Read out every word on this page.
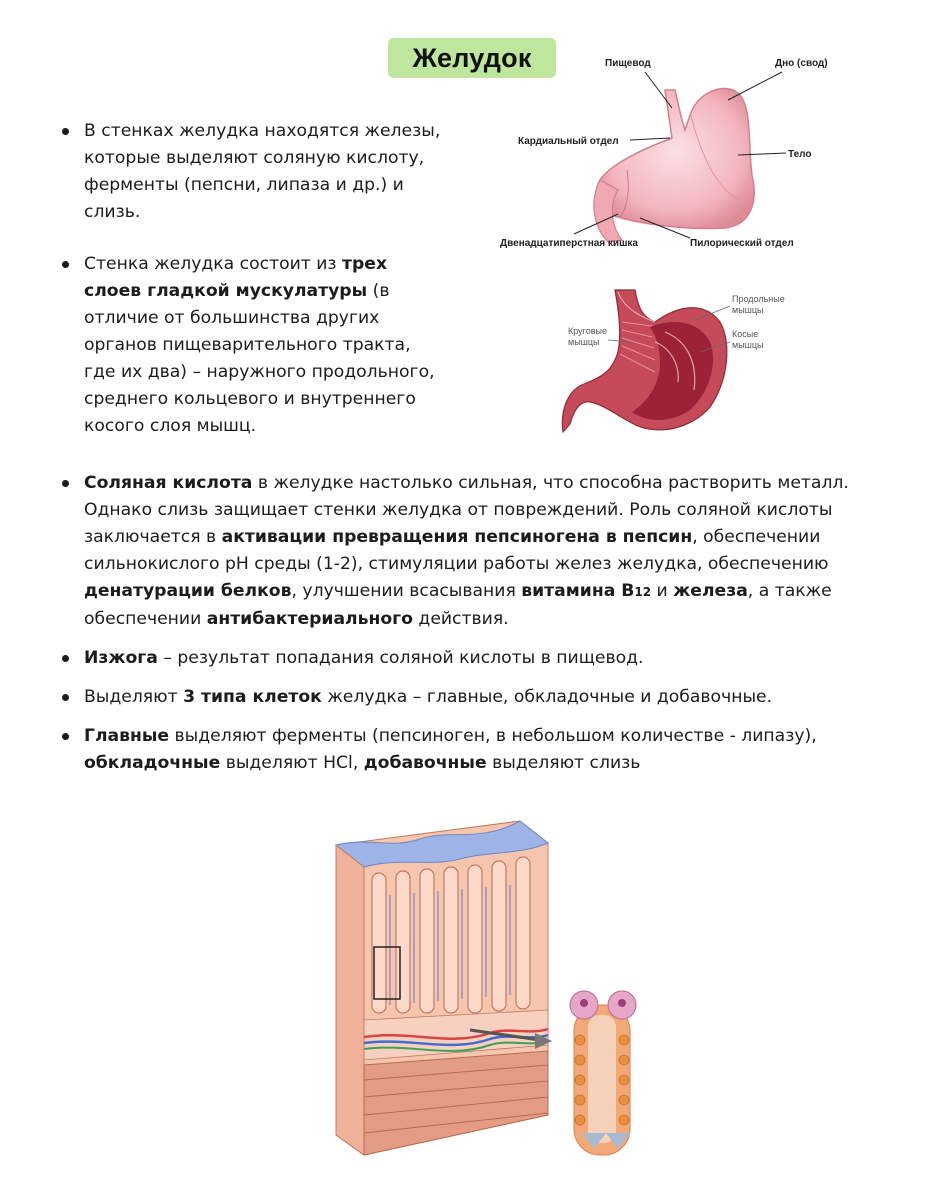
Желудок
В стенках желудка находятся железы, которые выделяют соляную кислоту, ферменты (пепсни, липаза и др.) и слизь.
Стенка желудка состоит из трех слоев гладкой мускулатуры (в отличие от большинства других органов пищеварительного тракта, где их два) – наружного продольного, среднего кольцевого и внутреннего косого слоя мышц.
Пищевод	Дно (свод)
Кардиальный отдел
Тело
Двенадцатиперстная кишка	Пилорический отдел
Продольные
мышцы
Круговые
мышцы
Косые
мышцы
Соляная кислота в желудке настолько сильная, что способна растворить металл. Однако слизь защищает стенки желудка от повреждений. Роль соляной кислоты заключается в активации превращения пепсиногена в пепсин, обеспечении сильнокислого pH среды (1-2), стимуляции работы желез желудка, обеспечению денатурации белков, улучшении всасывания витамина B12 и железа, а также обеспечении антибактериального действия.
Изжога – результат попадания соляной кислоты в пищевод.
Выделяют 3 типа клеток желудка – главные, обкладочные и добавочные.
Главные выделяют ферменты (пепсиноген, в небольшом количестве - липазу), обкладочные выделяют HCl, добавочные выделяют слизь
